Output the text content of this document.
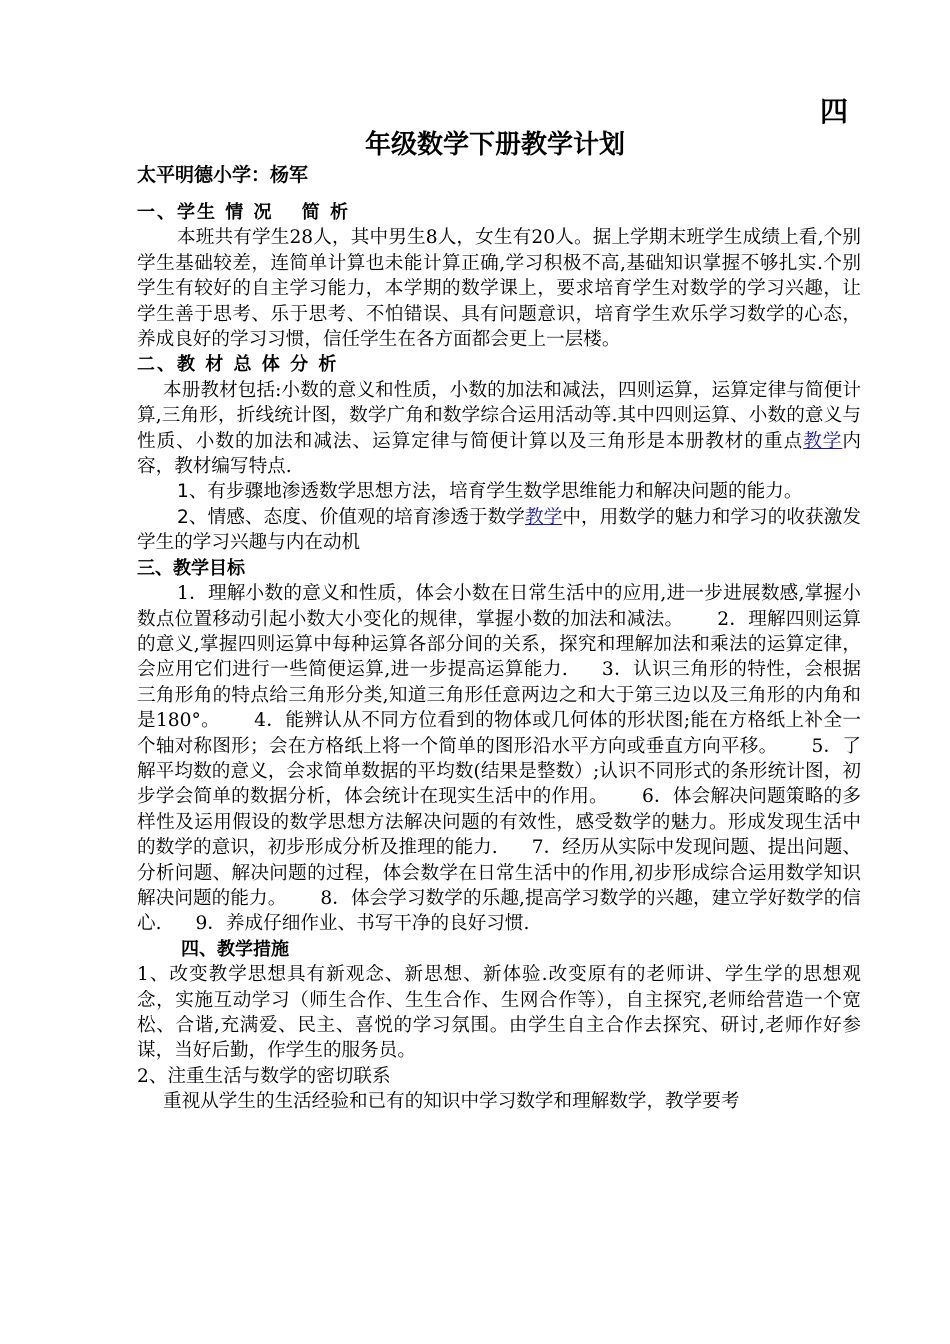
四
年级数学下册教学计划
太平明德小学：杨军

一、学生 情 况　 简 析

本班共有学生28人，其中男生8人，女生有20人。据上学期末班学生成绩上看,个别学生基础较差，连简单计算也未能计算正确,学习积极不高,基础知识掌握不够扎实.个别学生有较好的自主学习能力，本学期的数学课上，要求培育学生对数学的学习兴趣，让学生善于思考、乐于思考、不怕错误、具有问题意识，培育学生欢乐学习数学的心态，养成良好的学习习惯，信任学生在各方面都会更上一层楼。

二、教 材 总 体 分 析

本册教材包括:小数的意义和性质，小数的加法和减法，四则运算，运算定律与简便计算,三角形，折线统计图，数学广角和数学综合运用活动等.其中四则运算、小数的意义与性质、小数的加法和减法、运算定律与简便计算以及三角形是本册教材的重点教学内容，教材编写特点.

1、有步骤地渗透数学思想方法，培育学生数学思维能力和解决问题的能力。

2、情感、态度、价值观的培育渗透于数学教学中，用数学的魅力和学习的收获激发学生的学习兴趣与内在动机

三、教学目标

1．理解小数的意义和性质，体会小数在日常生活中的应用,进一步进展数感,掌握小数点位置移动引起小数大小变化的规律，掌握小数的加法和减法。 2．理解四则运算的意义,掌握四则运算中每种运算各部分间的关系，探究和理解加法和乘法的运算定律，会应用它们进行一些简便运算,进一步提高运算能力. 3．认识三角形的特性，会根据三角形角的特点给三角形分类,知道三角形任意两边之和大于第三边以及三角形的内角和是180°。 4．能辨认从不同方位看到的物体或几何体的形状图;能在方格纸上补全一个轴对称图形；会在方格纸上将一个简单的图形沿水平方向或垂直方向平移。 5．了解平均数的意义，会求简单数据的平均数(结果是整数）;认识不同形式的条形统计图，初步学会简单的数据分析，体会统计在现实生活中的作用。 6．体会解决问题策略的多样性及运用假设的数学思想方法解决问题的有效性，感受数学的魅力。形成发现生活中的数学的意识，初步形成分析及推理的能力. 7．经历从实际中发现问题、提出问题、分析问题、解决问题的过程，体会数学在日常生活中的作用,初步形成综合运用数学知识解决问题的能力。 8．体会学习数学的乐趣,提高学习数学的兴趣，建立学好数学的信心. 9．养成仔细作业、书写干净的良好习惯.

四、教学措施

1、改变教学思想具有新观念、新思想、新体验.改变原有的老师讲、学生学的思想观念，实施互动学习（师生合作、生生合作、生网合作等），自主探究,老师给营造一个宽松、合谐,充满爱、民主、喜悦的学习氛围。由学生自主合作去探究、研讨,老师作好参谋，当好后勤，作学生的服务员。

2、注重生活与数学的密切联系

重视从学生的生活经验和已有的知识中学习数学和理解数学，教学要考
